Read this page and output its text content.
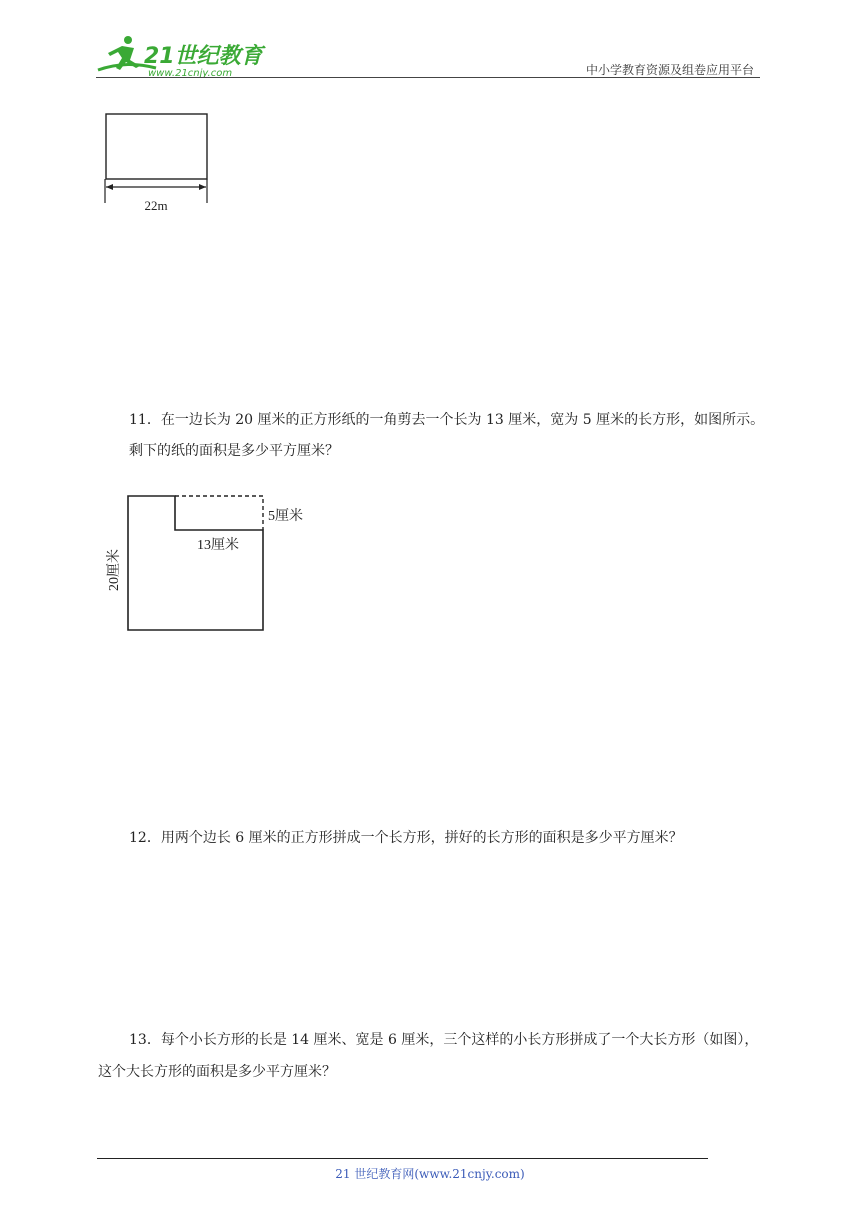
21世纪教育
www.21cnjy.com	中小学教育资源及组卷应用平台
22m
11．在一边长为 20 厘米的正方形纸的一角剪去一个长为 13 厘米，宽为 5 厘米的长方形，如图所示。
剩下的纸的面积是多少平方厘米？
5厘米
13厘米
20厘米
12．用两个边长 6 厘米的正方形拼成一个长方形，拼好的长方形的面积是多少平方厘米？
13．每个小长方形的长是 14 厘米、宽是 6 厘米，三个这样的小长方形拼成了一个大长方形（如图），
这个大长方形的面积是多少平方厘米？
21 世纪教育网(www.21cnjy.com)
